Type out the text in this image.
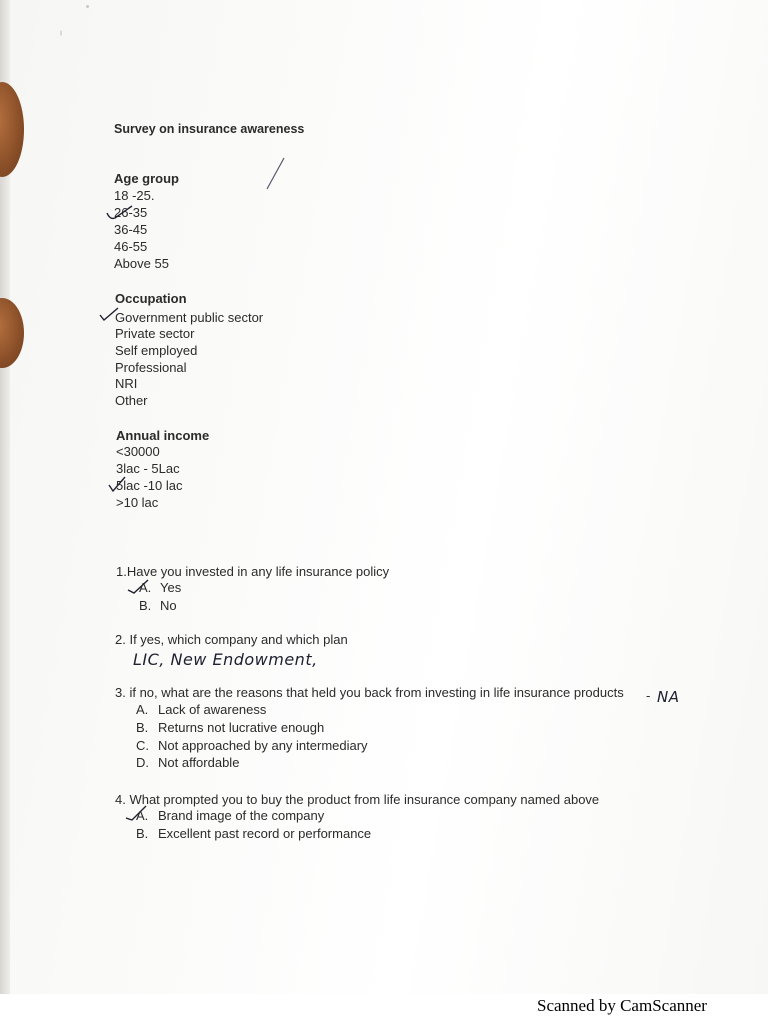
Survey on insurance awareness
Age group
18 -25.
26-35
36-45
46-55
Above 55
Occupation
Government public sector
Private sector
Self employed
Professional
NRI
Other
Annual income
<30000
3lac - 5Lac
5lac -10 lac
>10 lac
1.Have you invested in any life insurance policy
A. Yes
B. No
2. If yes, which company and which plan
LIC, New Endowment,
3. if no, what are the reasons that held you back from investing in life insurance products - NA
A. Lack of awareness
B. Returns not lucrative enough
C. Not approached by any intermediary
D. Not affordable
4. What prompted you to buy the product from life insurance company named above
A. Brand image of the company
B. Excellent past record or performance
Scanned by CamScanner
